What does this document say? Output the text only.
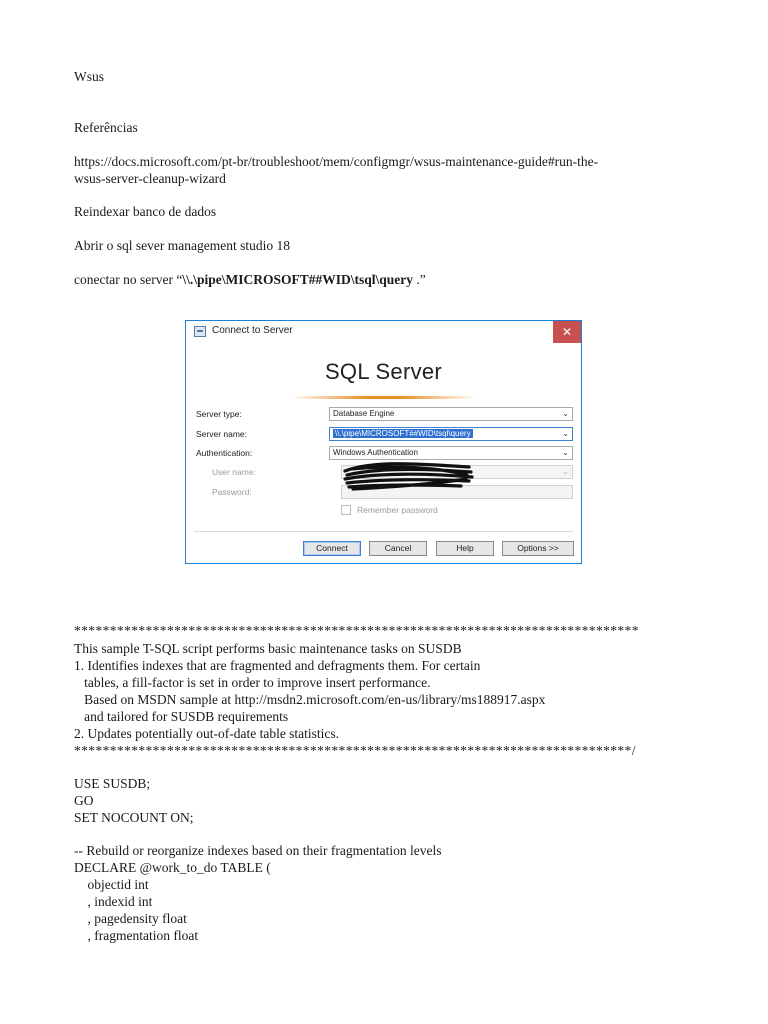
Wsus
Referências
https://docs.microsoft.com/pt-br/troubleshoot/mem/configmgr/wsus-maintenance-guide#run-the-
wsus-server-cleanup-wizard
Reindexar banco de dados
Abrir o sql sever management studio 18
conectar no server “\\.\pipe\MICROSOFT##WID\tsql\query .”
Connect to Server	✕
SQL Server
Server type:	Database Engine	⌄
Server name:	\\.\pipe\MICROSOFT##WID\tsql\query	⌄
Authentication:	Windows Authentication	⌄
User name:	⌄
Password:
Remember password
Connect	Cancel	Help	Options >>
*******************************************************************************
This sample T-SQL script performs basic maintenance tasks on SUSDB
1. Identifies indexes that are fragmented and defragments them. For certain
tables, a fill-factor is set in order to improve insert performance.
Based on MSDN sample at http://msdn2.microsoft.com/en-us/library/ms188917.aspx
and tailored for SUSDB requirements
2. Updates potentially out-of-date table statistics.
******************************************************************************/
USE SUSDB;
GO
SET NOCOUNT ON;
-- Rebuild or reorganize indexes based on their fragmentation levels
DECLARE @work_to_do TABLE (
objectid int
, indexid int
, pagedensity float
, fragmentation float
